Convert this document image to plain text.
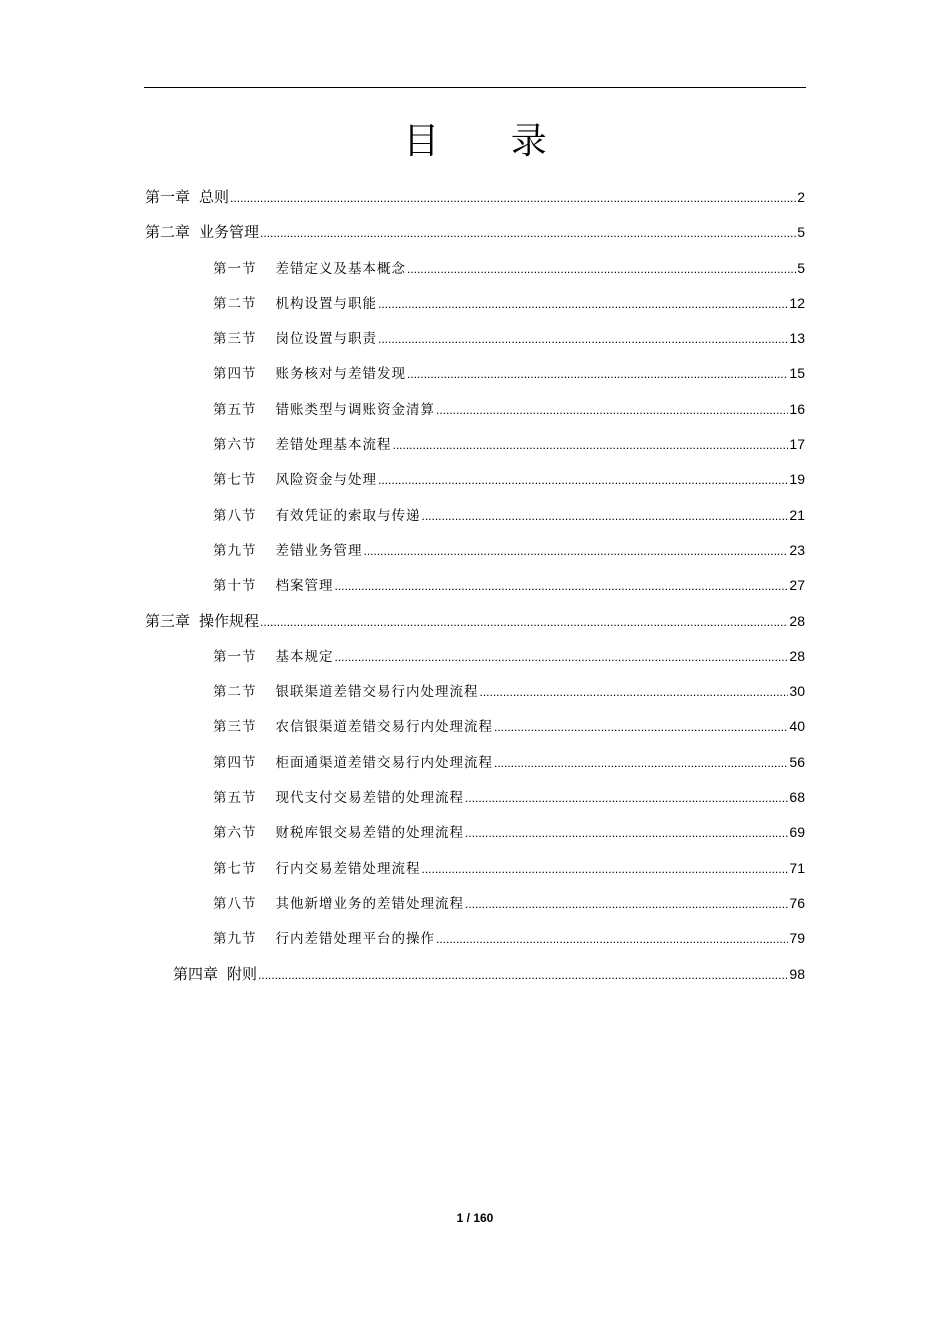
目 录
第一章 总则 .....	2
第二章 业务管理 .....	5
第一节 差错定义及基本概念 .....	5
第二节 机构设置与职能 .....	12
第三节 岗位设置与职责 .....	13
第四节 账务核对与差错发现 .....	15
第五节 错账类型与调账资金清算 .....	16
第六节 差错处理基本流程 .....	17
第七节 风险资金与处理 .....	19
第八节 有效凭证的索取与传递 .....	21
第九节 差错业务管理 .....	23
第十节 档案管理 .....	27
第三章 操作规程 .....	28
第一节 基本规定 .....	28
第二节 银联渠道差错交易行内处理流程 .....	30
第三节 农信银渠道差错交易行内处理流程 .....	40
第四节 柜面通渠道差错交易行内处理流程 .....	56
第五节 现代支付交易差错的处理流程 .....	68
第六节 财税库银交易差错的处理流程 .....	69
第七节 行内交易差错处理流程 .....	71
第八节 其他新增业务的差错处理流程 .....	76
第九节 行内差错处理平台的操作 .....	79
第四章 附则 .....	98
1 / 160
